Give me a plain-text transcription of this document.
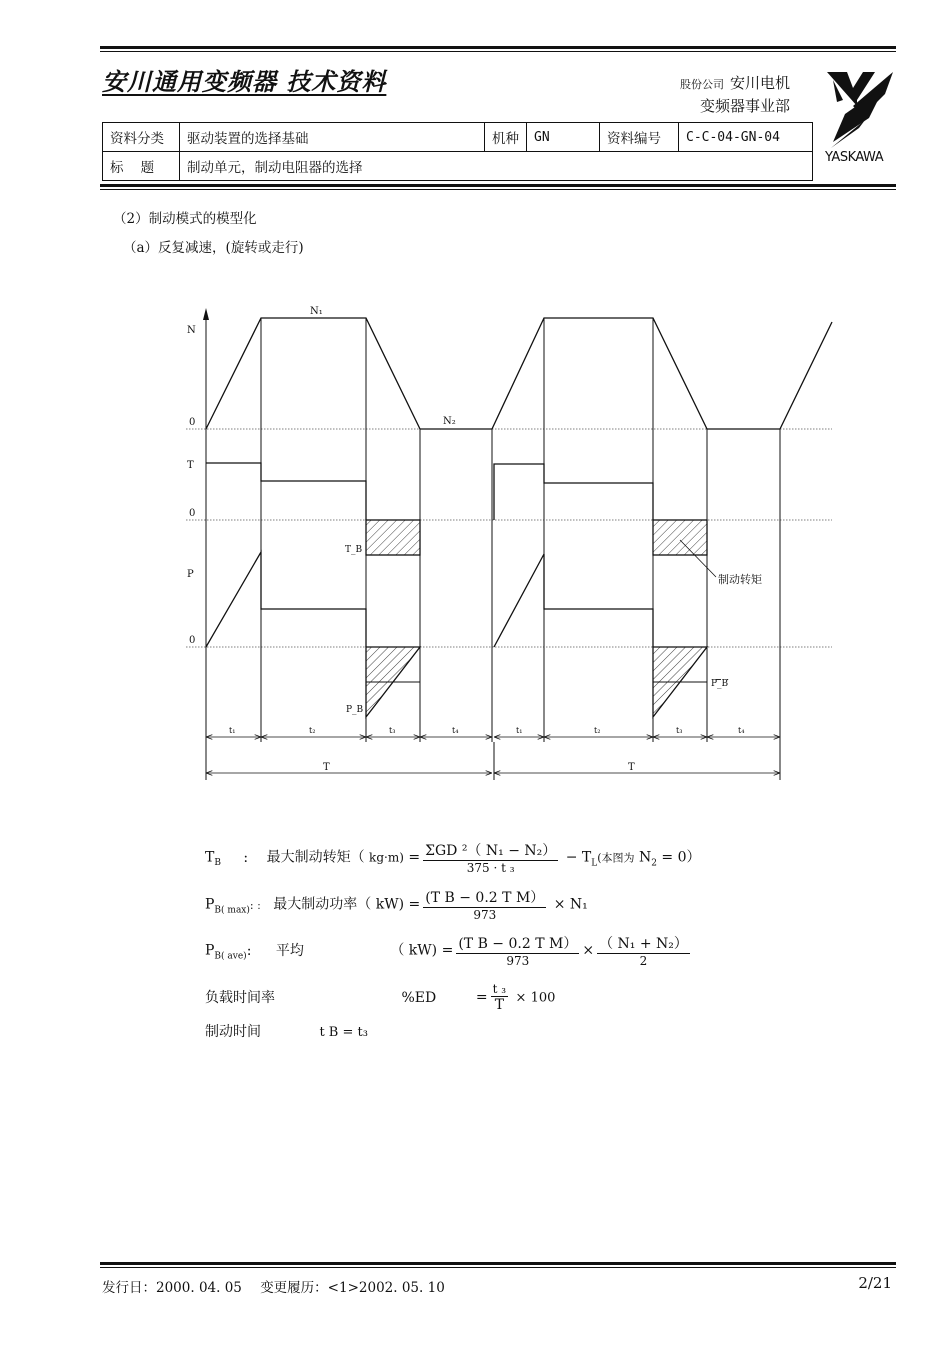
安川通用变频器 技术资料	股份公司 安川电机
变频器事业部
YASKAWA
资料分类	驱动装置的选择基础	机种	GN	资料编号	C-C-04-GN-04
标    题	制动单元，制动电阻器的选择				
（2）制动模式的模型化
（a）反复减速，(旋转或走行)
N
N₁
0	N₂
T
0
T_B
P
0
P_B
P_B
制动转矩
t₁	t₂	t₃	t₄	t₁	t₂	t₃	t₄
T	T
$T_B$ : 最大制动转矩（ $kg\cdot m) = \frac{\text{ΣGD ²（ N₁ − N₂）}}{\text{375 · t ₃}} - T_L$(本图为 $N_2 = 0$）
$P_{B( max)}$: ː 最大制动功率（ $kW) = \frac{\text{(T B − 0.2 T M）}}{973} \times N_1$
$P_{B( ave)}$: 平均	（ $kW) = \frac{\text{(T B − 0.2 T M）}}{973} \times \frac{\text{（ N₁ + N₂）}}{2}$
负载时间率	%ED	= $\frac{\text{t ₃}}{T} \times 100$
制动时间	t B = t₃
发行日：2000. 04. 05 变更履历：<1>2002. 05. 10	2/21
